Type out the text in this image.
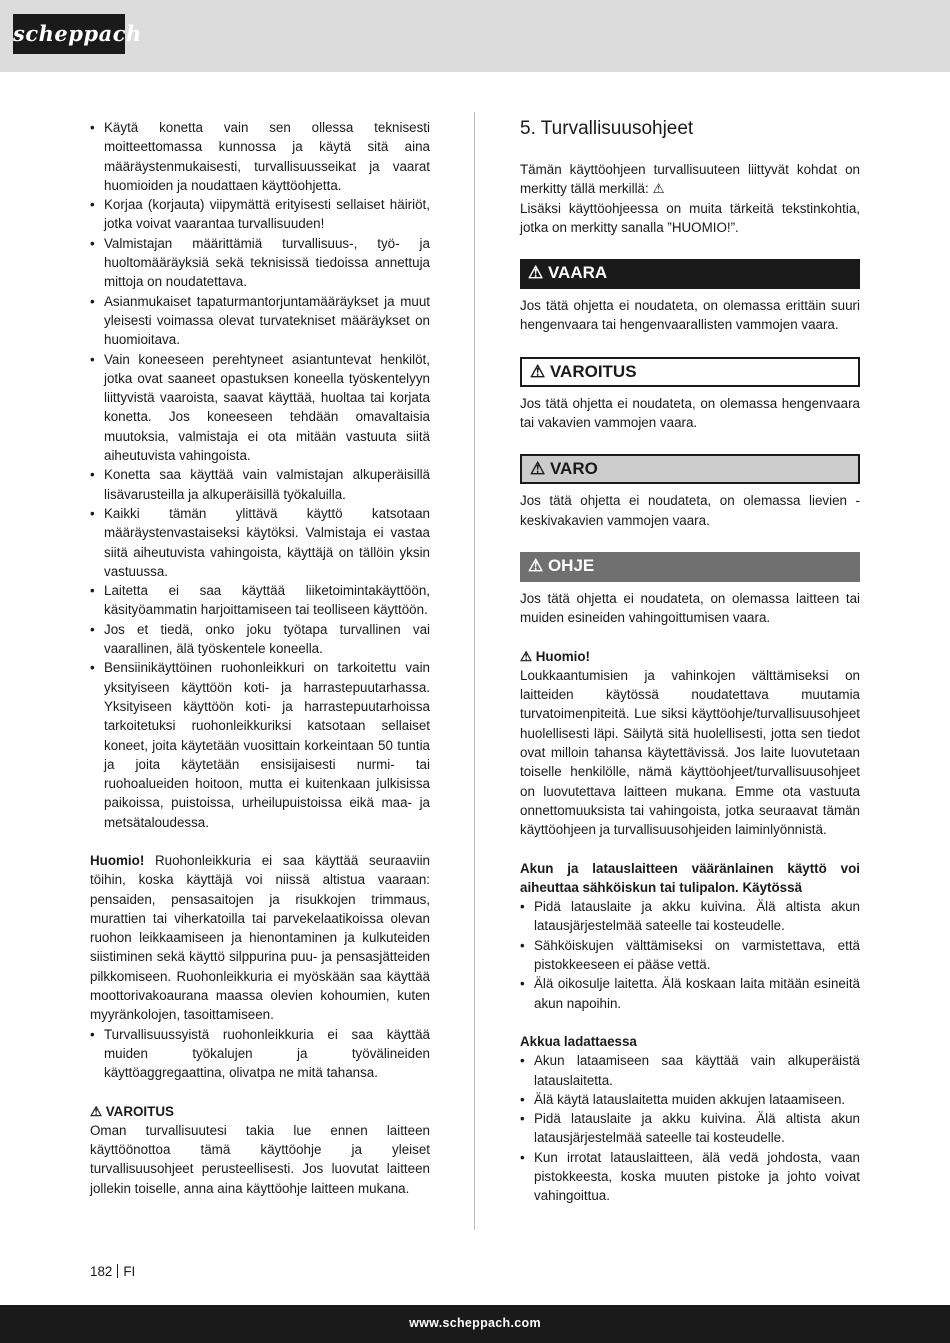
scheppach
• Käytä konetta vain sen ollessa teknisesti moitteettomassa kunnossa ja käytä sitä aina määräystenmukaisesti, turvallisuusseikat ja vaarat huomioiden ja noudattaen käyttöohjetta.
• Korjaa (korjauta) viipymättä erityisesti sellaiset häiriöt, jotka voivat vaarantaa turvallisuuden!
• Valmistajan määrittämiä turvallisuus-, työ- ja huoltomääräyksiä sekä teknisissä tiedoissa annettuja mittoja on noudatettava.
• Asianmukaiset tapaturmantorjuntamääräykset ja muut yleisesti voimassa olevat turvatekniset määräykset on huomioitava.
• Vain koneeseen perehtyneet asiantuntevat henkilöt, jotka ovat saaneet opastuksen koneella työskentelyyn liittyvistä vaaroista, saavat käyttää, huoltaa tai korjata konetta. Jos koneeseen tehdään omavaltaisia muutoksia, valmistaja ei ota mitään vastuuta siitä aiheutuvista vahingoista.
• Konetta saa käyttää vain valmistajan alkuperäisillä lisävarusteilla ja alkuperäisillä työkaluilla.
• Kaikki tämän ylittävä käyttö katsotaan määräystenvastaiseksi käytöksi. Valmistaja ei vastaa siitä aiheutuvista vahingoista, käyttäjä on tällöin yksin vastuussa.
• Laitetta ei saa käyttää liiketoimintakäyttöön, käsityöammatin harjoittamiseen tai teolliseen käyttöön.
• Jos et tiedä, onko joku työtapa turvallinen vai vaarallinen, älä työskentele koneella.
• Bensiinikäyttöinen ruohonleikkuri on tarkoitettu vain yksityiseen käyttöön koti- ja harrastepuutarhassa. Yksityiseen käyttöön koti- ja harrastepuutarhoissa tarkoitetuksi ruohonleikkuriksi katsotaan sellaiset koneet, joita käytetään vuosittain korkeintaan 50 tuntia ja joita käytetään ensisijaisesti nurmi- tai ruohoalueiden hoitoon, mutta ei kuitenkaan julkisissa paikoissa, puistoissa, urheilupuistoissa eikä maa- ja metsätaloudessa.

Huomio! Ruohonleikkuria ei saa käyttää seuraaviin töihin, koska käyttäjä voi niissä altistua vaaraan: pensaiden, pensasaitojen ja risukkojen trimmaus, murattien tai viherkatoilla tai parvekelaatikoissa olevan ruohon leikkaamiseen ja hienontaminen ja kulkuteiden siistiminen sekä käyttö silppurina puu- ja pensasjätteiden pilkkomiseen. Ruohonleikkuria ei myöskään saa käyttää moottorivakoaurana maassa olevien kohoumien, kuten myyränkolojen, tasoittamiseen.

• Turvallisuussyistä ruohonleikkuria ei saa käyttää muiden työkalujen ja työvälineiden käyttöaggregaattina, olivatpa ne mitä tahansa.

⚠ VAROITUS

Oman turvallisuutesi takia lue ennen laitteen käyttöönottoa tämä käyttöohje ja yleiset turvallisuusohjeet perusteellisesti. Jos luovutat laitteen jollekin toiselle, anna aina käyttöohje laitteen mukana.

5. Turvallisuusohjeet

Tämän käyttöohjeen turvallisuuteen liittyvät kohdat on merkitty tällä merkillä: ⚠

Lisäksi käyttöohjeessa on muita tärkeitä tekstinkohtia, jotka on merkitty sanalla ”HUOMIO!”.

⚠ VAARA

Jos tätä ohjetta ei noudateta, on olemassa erittäin suuri hengenvaara tai hengenvaarallisten vammojen vaara.

⚠ VAROITUS

Jos tätä ohjetta ei noudateta, on olemassa hengenvaara tai vakavien vammojen vaara.

⚠ VARO

Jos tätä ohjetta ei noudateta, on olemassa lievien - keskivakavien vammojen vaara.

⚠ OHJE

Jos tätä ohjetta ei noudateta, on olemassa laitteen tai muiden esineiden vahingoittumisen vaara.

⚠ Huomio!

Loukkaantumisien ja vahinkojen välttämiseksi on laitteiden käytössä noudatettava muutamia turvatoimenpiteitä. Lue siksi käyttöohje/turvallisuusohjeet huolellisesti läpi. Säilytä sitä huolellisesti, jotta sen tiedot ovat milloin tahansa käytettävissä. Jos laite luovutetaan toiselle henkilölle, nämä käyttöohjeet/turvallisuusohjeet on luovutettava laitteen mukana. Emme ota vastuuta onnettomuuksista tai vahingoista, jotka seuraavat tämän käyttöohjeen ja turvallisuusohjeiden laiminlyönnistä.

Akun ja latauslaitteen vääränlainen käyttö voi aiheuttaa sähköiskun tai tulipalon. Käytössä

• Pidä latauslaite ja akku kuivina. Älä altista akun latausjärjestelmää sateelle tai kosteudelle.
• Sähköiskujen välttämiseksi on varmistettava, että pistokkeeseen ei pääse vettä.
• Älä oikosulje laitetta. Älä koskaan laita mitään esineitä akun napoihin.

Akkua ladattaessa

• Akun lataamiseen saa käyttää vain alkuperäistä latauslaitetta.
• Älä käytä latauslaitetta muiden akkujen lataamiseen.
• Pidä latauslaite ja akku kuivina. Älä altista akun latausjärjestelmää sateelle tai kosteudelle.
• Kun irrotat latauslaitteen, älä vedä johdosta, vaan pistokkeesta, koska muuten pistoke ja johto voivat vahingoittua.
182 FI
www.scheppach.com
